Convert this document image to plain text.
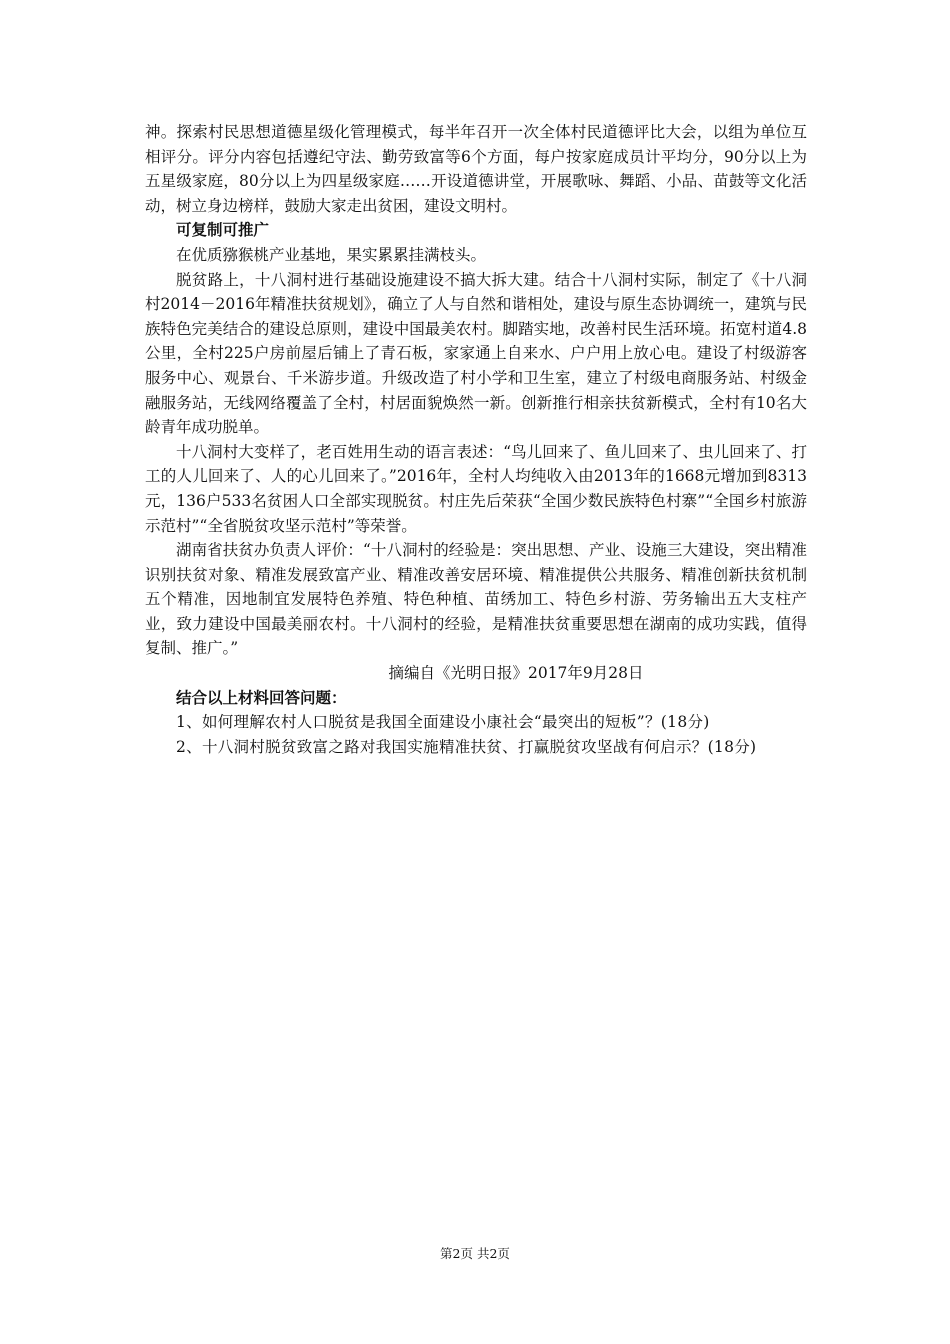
神。探索村民思想道德星级化管理模式，每半年召开一次全体村民道德评比大会，以组为单位互相评分。评分内容包括遵纪守法、勤劳致富等6个方面，每户按家庭成员计平均分，90分以上为五星级家庭，80分以上为四星级家庭……开设道德讲堂，开展歌咏、舞蹈、小品、苗鼓等文化活动，树立身边榜样，鼓励大家走出贫困，建设文明村。

可复制可推广

在优质猕猴桃产业基地，果实累累挂满枝头。

脱贫路上，十八洞村进行基础设施建设不搞大拆大建。结合十八洞村实际，制定了《十八洞村2014－2016年精准扶贫规划》，确立了人与自然和谐相处，建设与原生态协调统一，建筑与民族特色完美结合的建设总原则，建设中国最美农村。脚踏实地，改善村民生活环境。拓宽村道4.8公里，全村225户房前屋后铺上了青石板，家家通上自来水、户户用上放心电。建设了村级游客服务中心、观景台、千米游步道。升级改造了村小学和卫生室，建立了村级电商服务站、村级金融服务站，无线网络覆盖了全村，村居面貌焕然一新。创新推行相亲扶贫新模式，全村有10名大龄青年成功脱单。

十八洞村大变样了，老百姓用生动的语言表述：“鸟儿回来了、鱼儿回来了、虫儿回来了、打工的人儿回来了、人的心儿回来了。”2016年，全村人均纯收入由2013年的1668元增加到8313元，136户533名贫困人口全部实现脱贫。村庄先后荣获“全国少数民族特色村寨”“全国乡村旅游示范村”“全省脱贫攻坚示范村”等荣誉。

湖南省扶贫办负责人评价：“十八洞村的经验是：突出思想、产业、设施三大建设，突出精准识别扶贫对象、精准发展致富产业、精准改善安居环境、精准提供公共服务、精准创新扶贫机制五个精准，因地制宜发展特色养殖、特色种植、苗绣加工、特色乡村游、劳务输出五大支柱产业，致力建设中国最美丽农村。十八洞村的经验，是精准扶贫重要思想在湖南的成功实践，值得复制、推广。”

摘编自《光明日报》2017年9月28日

结合以上材料回答问题：

1、如何理解农村人口脱贫是我国全面建设小康社会“最突出的短板”？(18分)

2、十八洞村脱贫致富之路对我国实施精准扶贫、打赢脱贫攻坚战有何启示？(18分)

第2页 共2页
